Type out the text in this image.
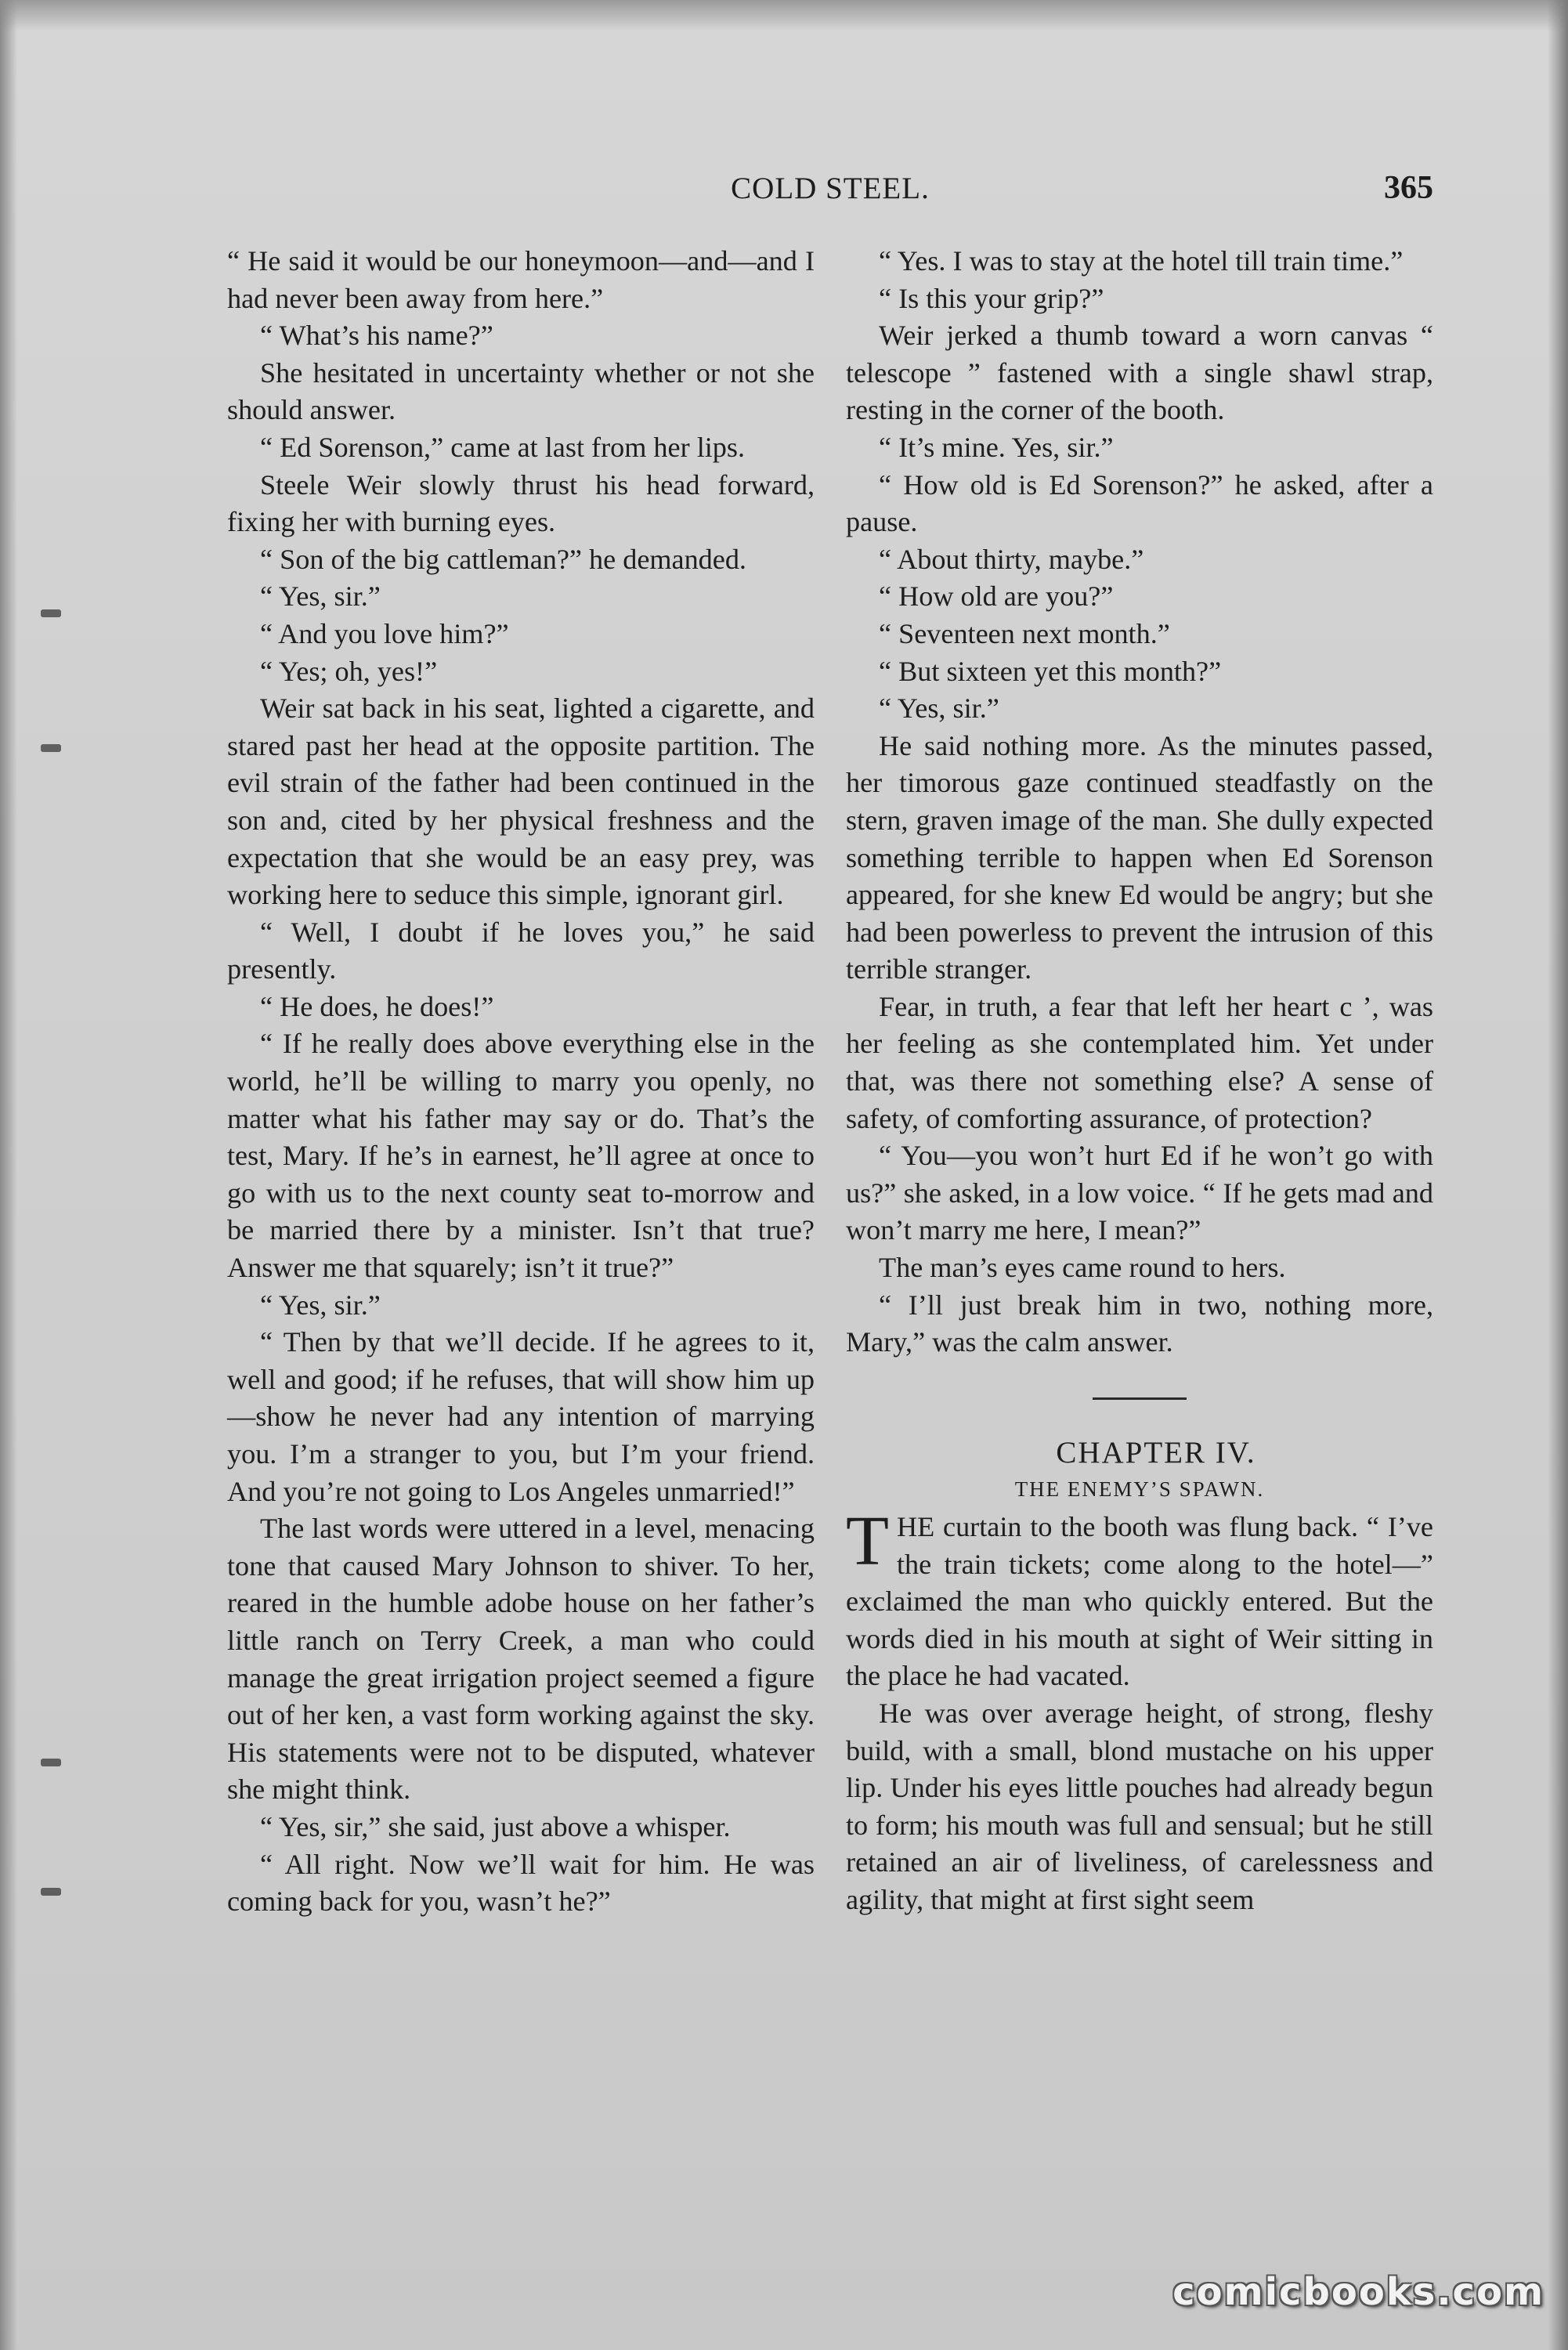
COLD STEEL.	365

“ He said it would be our honeymoon—and—and I had never been away from here.”

“ What’s his name?”

She hesitated in uncertainty whether or not she should answer.

“ Ed Sorenson,” came at last from her lips.

Steele Weir slowly thrust his head forward, fixing her with burning eyes.

“ Son of the big cattleman?” he demanded.

“ Yes, sir.”

“ And you love him?”

“ Yes; oh, yes!”

Weir sat back in his seat, lighted a cigarette, and stared past her head at the opposite partition. The evil strain of the father had been continued in the son and, cited by her physical freshness and the expectation that she would be an easy prey, was working here to seduce this simple, ignorant girl.

“ Well, I doubt if he loves you,” he said presently.

“ He does, he does!”

“ If he really does above everything else in the world, he’ll be willing to marry you openly, no matter what his father may say or do. That’s the test, Mary. If he’s in earnest, he’ll agree at once to go with us to the next county seat to-morrow and be married there by a minister. Isn’t that true? Answer me that squarely; isn’t it true?”

“ Yes, sir.”

“ Then by that we’ll decide. If he agrees to it, well and good; if he refuses, that will show him up—show he never had any intention of marrying you. I’m a stranger to you, but I’m your friend. And you’re not going to Los Angeles unmarried!”

The last words were uttered in a level, menacing tone that caused Mary Johnson to shiver. To her, reared in the humble adobe house on her father’s little ranch on Terry Creek, a man who could manage the great irrigation project seemed a figure out of her ken, a vast form working against the sky. His statements were not to be disputed, whatever she might think.

“ Yes, sir,” she said, just above a whisper.

“ All right. Now we’ll wait for him. He was coming back for you, wasn’t he?”

“ Yes. I was to stay at the hotel till train time.”

“ Is this your grip?”

Weir jerked a thumb toward a worn canvas “ telescope ” fastened with a single shawl strap, resting in the corner of the booth.

“ It’s mine. Yes, sir.”

“ How old is Ed Sorenson?” he asked, after a pause.

“ About thirty, maybe.”

“ How old are you?”

“ Seventeen next month.”

“ But sixteen yet this month?”

“ Yes, sir.”

He said nothing more. As the minutes passed, her timorous gaze continued steadfastly on the stern, graven image of the man. She dully expected something terrible to happen when Ed Sorenson appeared, for she knew Ed would be angry; but she had been powerless to prevent the intrusion of this terrible stranger.

Fear, in truth, a fear that left her heart c ’, was her feeling as she contemplated him. Yet under that, was there not something else? A sense of safety, of comforting assurance, of protection?

“ You—you won’t hurt Ed if he won’t go with us?” she asked, in a low voice. “ If he gets mad and won’t marry me here, I mean?”

The man’s eyes came round to hers.

“ I’ll just break him in two, nothing more, Mary,” was the calm answer.

CHAPTER IV.

THE ENEMY’S SPAWN.

THE curtain to the booth was flung back. “ I’ve the train tickets; come along to the hotel—” exclaimed the man who quickly entered. But the words died in his mouth at sight of Weir sitting in the place he had vacated.

He was over average height, of strong, fleshy build, with a small, blond mustache on his upper lip. Under his eyes little pouches had already begun to form; his mouth was full and sensual; but he still retained an air of liveliness, of carelessness and agility, that might at first sight seem

comicbooks.com
